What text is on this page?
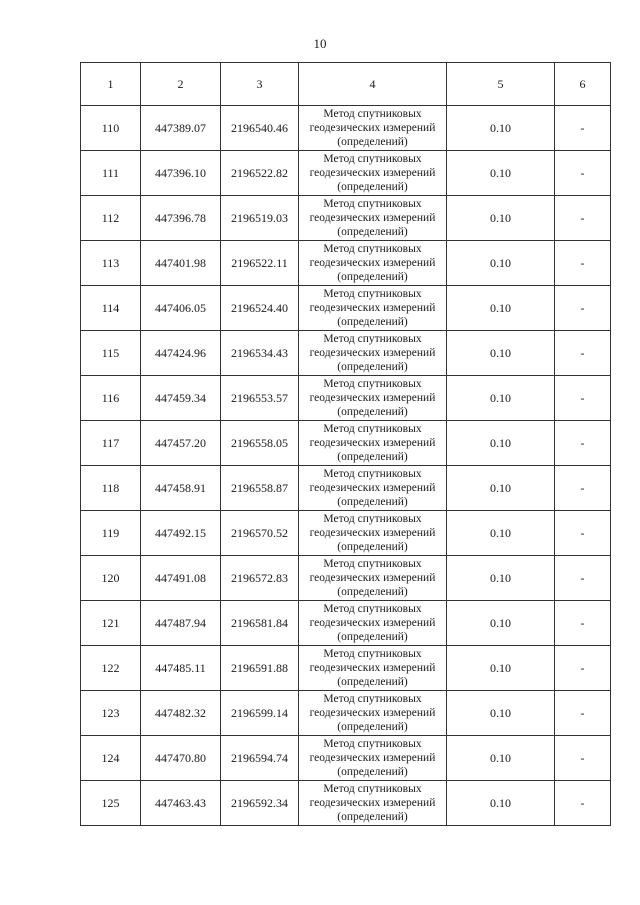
10
1	2	3	4	5	6
110	447389.07	2196540.46	Метод спутниковых
геодезических измерений
(определений)	0.10	-
111	447396.10	2196522.82	Метод спутниковых
геодезических измерений
(определений)	0.10	-
112	447396.78	2196519.03	Метод спутниковых
геодезических измерений
(определений)	0.10	-
113	447401.98	2196522.11	Метод спутниковых
геодезических измерений
(определений)	0.10	-
114	447406.05	2196524.40	Метод спутниковых
геодезических измерений
(определений)	0.10	-
115	447424.96	2196534.43	Метод спутниковых
геодезических измерений
(определений)	0.10	-
116	447459.34	2196553.57	Метод спутниковых
геодезических измерений
(определений)	0.10	-
117	447457.20	2196558.05	Метод спутниковых
геодезических измерений
(определений)	0.10	-
118	447458.91	2196558.87	Метод спутниковых
геодезических измерений
(определений)	0.10	-
119	447492.15	2196570.52	Метод спутниковых
геодезических измерений
(определений)	0.10	-
120	447491.08	2196572.83	Метод спутниковых
геодезических измерений
(определений)	0.10	-
121	447487.94	2196581.84	Метод спутниковых
геодезических измерений
(определений)	0.10	-
122	447485.11	2196591.88	Метод спутниковых
геодезических измерений
(определений)	0.10	-
123	447482.32	2196599.14	Метод спутниковых
геодезических измерений
(определений)	0.10	-
124	447470.80	2196594.74	Метод спутниковых
геодезических измерений
(определений)	0.10	-
125	447463.43	2196592.34	Метод спутниковых
геодезических измерений
(определений)	0.10	-
